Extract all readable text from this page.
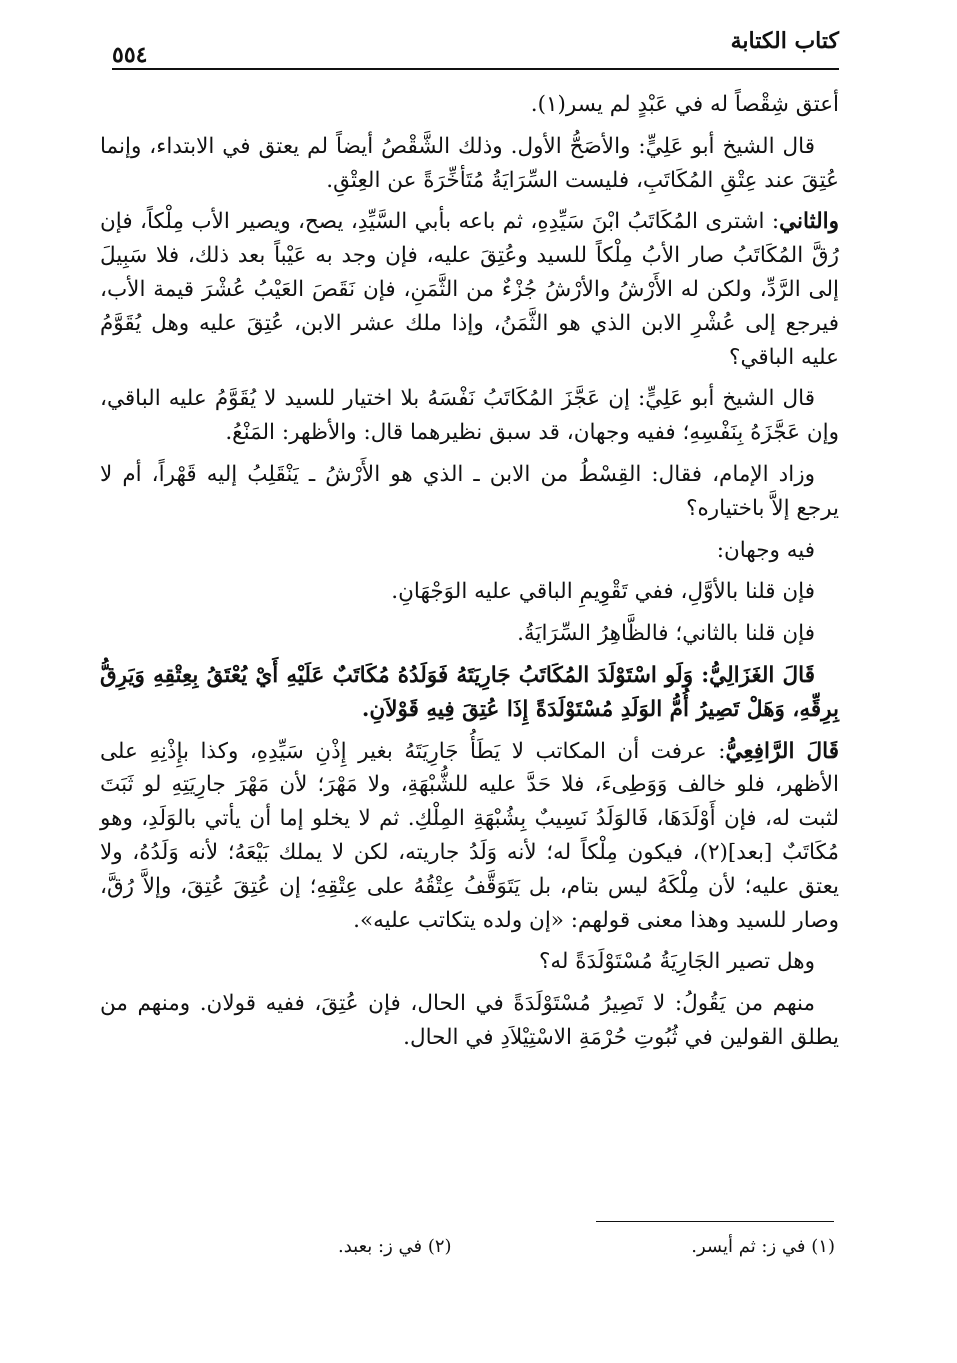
كتاب الكتابة
٥٥٤

أعتق شِقْصاً له في عَبْدٍ لم يسر(١).

قال الشيخ أبو عَلِيٍّ: والأصَحُّ الأول. وذلك الشَّقْصُ أيضاً لم يعتق في الابتداء، وإنما عُتِقَ عند عِتْقِ المُكَاتَبِ، فليست السِّرَايَةُ مُتَأخِّرَةً عن العِتْقِ.

والثاني: اشترى المُكَاتَبُ ابْنَ سَيِّدِهِ، ثم باعه بأبي السَّيِّدِ، يصح، ويصير الأب مِلْكاً، فإن رُقَّ المُكَاتَبُ صار الأبُ مِلْكاً للسيد وعُتِقَ عليه، فإن وجد به عَيْباً بعد ذلك، فلا سَبِيلَ إلى الرَّدِّ، ولكن له الأَرْشُ والأرْشُ جُزْءٌ من الثَّمَنِ، فإن نَقَصَ العَيْبُ عُشْرَ قيمة الأب، فيرجع إلى عُشْرِ الابن الذي هو الثَّمَنُ، وإذا ملك عشر الابن، عُتِقَ عليه وهل يُقَوَّمُ عليه الباقي؟

قال الشيخ أبو عَلِيٍّ: إن عَجَّزَ المُكَاتَبُ نَفْسَهُ بلا اختيار للسيد لا يُقَوَّمُ عليه الباقي، وإن عَجَّزَهُ بِنَفْسِهِ؛ ففيه وجهان، قد سبق نظيرهما قال: والأظهر: المَنْعُ.

وزاد الإمام، فقال: القِسْطُ من الابن ـ الذي هو الأَرْشُ ـ يَنْقَلِبُ إليه قَهْراً، أم لا يرجع إلاَّ باختياره؟

فيه وجهان:

فإن قلنا بالأوَّلِ، ففي تَقْوِيمِ الباقي عليه الوَجْهَانِ.

فإن قلنا بالثاني؛ فالظَّاهِرُ السِّرَايَةُ.

قَالَ الغَزَالِيُّ: وَلَو اسْتَوْلَدَ المُكَاتَبُ جَارِيَتَهُ فَوَلَدُهُ مُكَاتَبٌ عَلَيْهِ أَيْ يُعْتَقُ بِعِتْقِهِ وَيَرِقُّ بِرِقِّهِ، وَهَلْ تَصِيرُ أُمُّ الوَلَدِ مُسْتَوْلَدَةً إِذَا عُتِقَ فِيهِ قَوْلاَنِ.

قَالَ الرَّافِعِيُّ: عرفت أن المكاتب لا يَطَأُ جَارِيَتَهُ بغير إِذْنِ سَيِّدِهِ، وكذا بإِذْنِهِ على الأظهر، فلو خالف وَوَطِىءَ، فلا حَدَّ عليه للشُّبْهَةِ، ولا مَهْرَ؛ لأن مَهْرَ جارِيَتِهِ لو ثَبَتَ لثبت له، فإن أَوْلَدَهَا، فَالوَلَدُ نَسِيبٌ بِشُبْهَةِ المِلْكِ. ثم لا يخلو إما أن يأتي بالوَلَدِ، وهو مُكَاتَبٌ [بعد](٢)، فيكون مِلْكاً له؛ لأنه وَلَدُ جاريته، لكن لا يملك بَيْعَهُ؛ لأنه وَلَدُهُ، ولا يعتق عليه؛ لأن مِلْكَهُ ليس بتام، بل يَتَوَقَّفُ عِتْقُهُ على عِتْقِهِ؛ إن عُتِقَ عُتِقَ، وإلاَّ رُقَّ، وصار للسيد وهذا معنى قولهم: «إن ولده يتكاتب عليه».

وهل تصير الجَارِيَةُ مُسْتَوْلَدَةً له؟

منهم من يَقُولُ: لا تَصِيرُ مُسْتَوْلَدَةً في الحال، فإن عُتِقَ، ففيه قولان. ومنهم من يطلق القولين في ثُبُوتِ حُرْمَةِ الاسْتِيْلاَدِ في الحال.

(١) في ز: ثم أيسر.
(٢) في ز: بعبد.
